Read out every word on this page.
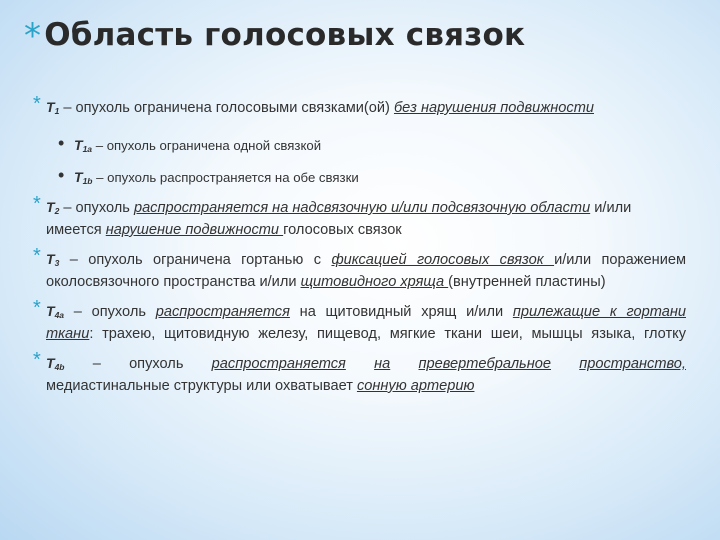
*Область голосовых связок
* $T_1$ – опухоль ограничена голосовыми связками(ой) без нарушения подвижности
• $T_{1a}$ – опухоль ограничена одной связкой
• $T_{1b}$ – опухоль распространяется на обе связки
* $T_2$ – опухоль распространяется на надсвязочную и/или подсвязочную области и/или
имеется нарушение подвижности голосовых связок
* $T_3$ – опухоль ограничена гортанью с фиксацией голосовых связок и/или поражением
околосвязочного пространства и/или щитовидного хряща (внутренней пластины)
* $T_{4a}$ – опухоль распространяется на щитовидный хрящ и/или прилежащие к гортани
ткани: трахею, щитовидную железу, пищевод, мягкие ткани шеи, мышцы языка, глотку
* $T_{4b}$ – опухоль распространяется на превертебральное пространство,
медиастинальные структуры или охватывает сонную артерию
